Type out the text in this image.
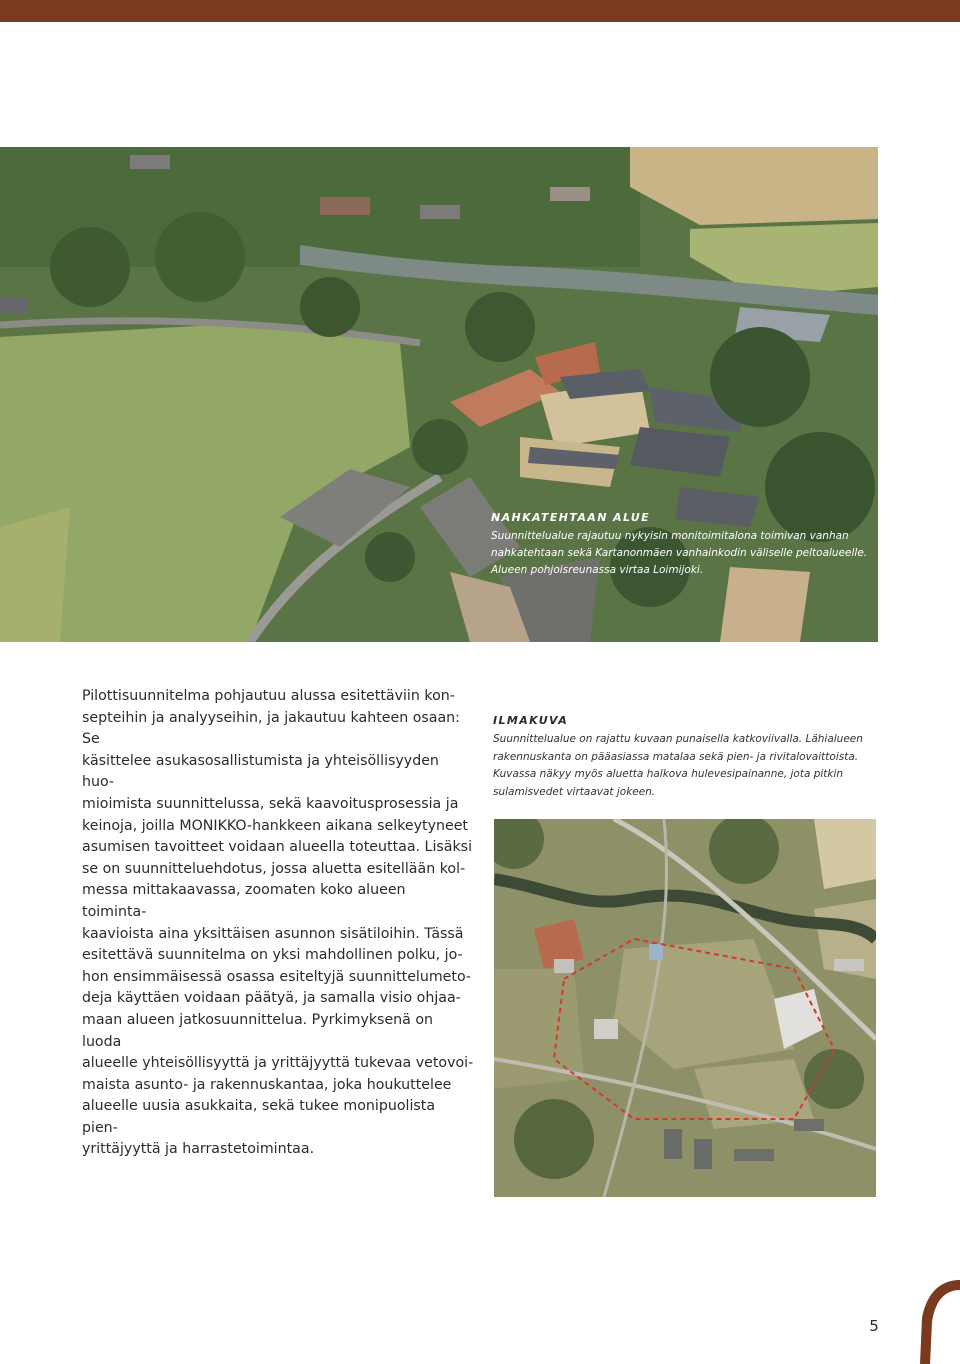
NAHKATEHTAAN ALUE
Suunnittelualue rajautuu nykyisin monitoimitalona toimivan vanhan nahkatehtaan sekä Kartanonmäen vanhainkodin väliselle peltoalueelle. Alueen pohjoisreunassa virtaa Loimijoki.
Pilottisuunnitelma pohjautuu alussa esitettäviin kon-
septeihin ja analyyseihin, ja jakautuu kahteen osaan: Se
käsittelee asukasosallistumista ja yhteisöllisyyden huo-
mioimista suunnittelussa, sekä kaavoitusprosessia ja
keinoja, joilla MONIKKO-hankkeen aikana selkeytyneet
asumisen tavoitteet voidaan alueella toteuttaa. Lisäksi
se on suunnitteluehdotus, jossa aluetta esitellään kol-
messa mittakaavassa, zoomaten koko alueen toiminta-
kaavioista aina yksittäisen asunnon sisätiloihin. Tässä
esitettävä suunnitelma on yksi mahdollinen polku, jo-
hon ensimmäisessä osassa esiteltyjä suunnittelumeto-
deja käyttäen voidaan päätyä, ja samalla visio ohjaa-
maan alueen jatkosuunnittelua. Pyrkimyksenä on luoda
alueelle yhteisöllisyyttä ja yrittäjyyttä tukevaa vetovoi-
maista asunto- ja rakennuskantaa, joka houkuttelee
alueelle uusia asukkaita, sekä tukee monipuolista pien-
yrittäjyyttä ja harrastetoimintaa.
ILMAKUVA
Suunnittelualue on rajattu kuvaan punaisella katkoviivalla. Lähialueen rakennuskanta on pääasiassa matalaa sekä pien- ja rivitalovaittoista. Kuvassa näkyy myös aluetta halkova hulevesipainanne, jota pitkin sulamisvedet virtaavat jokeen.
5
